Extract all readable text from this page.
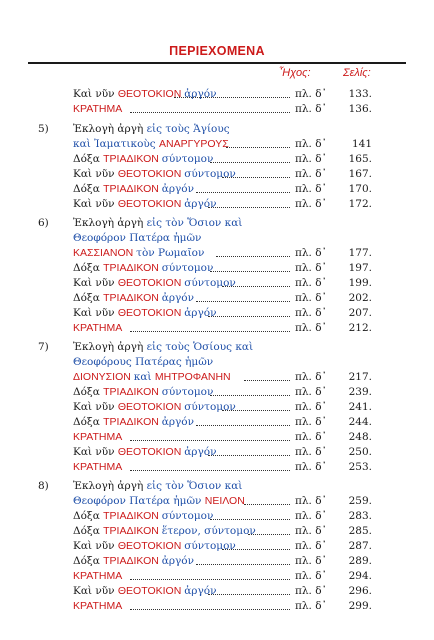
ΠΕΡΙΕΧΟΜΕΝΑ
Ἦχος:	Σελίς:
Καὶ νῦν ΘΕΟΤΟΚΙΟΝ ἀργόν	πλ. δ᾿ 133.
ΚΡΑΤΗΜΑ	πλ. δ᾿ 136.
5) Ἐκλογὴ ἀργὴ εἰς τοὺς Ἁγίους
καὶ Ἰαματικοὺς ΑΝΑΡΓΥΡΟΥΣ	πλ. δ᾿	141
Δόξα ΤΡΙΑΔΙΚΟΝ σύντομον	πλ. δ᾿ 165.
Καὶ νῦν ΘΕΟΤΟΚΙΟΝ σύντομον	πλ. δ᾿ 167.
Δόξα ΤΡΙΑΔΙΚΟΝ ἀργόν	πλ. δ᾿ 170.
Καὶ νῦν ΘΕΟΤΟΚΙΟΝ ἀργόν	πλ. δ᾿ 172.
6) Ἐκλογὴ ἀργὴ εἰς τὸν Ὅσιον καὶ
Θεοφόρον Πατέρα ἡμῶν
ΚΑΣΣΙΑΝΟΝ τὸν Ρωμαῖον	πλ. δ᾿ 177.
Δόξα ΤΡΙΑΔΙΚΟΝ σύντομον	πλ. δ᾿ 197.
Καὶ νῦν ΘΕΟΤΟΚΙΟΝ σύντομον	πλ. δ᾿ 199.
Δόξα ΤΡΙΑΔΙΚΟΝ ἀργόν	πλ. δ᾿ 202.
Καὶ νῦν ΘΕΟΤΟΚΙΟΝ ἀργόν	πλ. δ᾿ 207.
ΚΡΑΤΗΜΑ	πλ. δ᾿ 212.
7) Ἐκλογὴ ἀργὴ εἰς τοὺς Ὁσίους καὶ
Θεοφόρους Πατέρας ἡμῶν
ΔΙΟΝΥΣΙΟΝ καὶ ΜΗΤΡΟΦΑΝΗΝ	πλ. δ᾿ 217.
Δόξα ΤΡΙΑΔΙΚΟΝ σύντομον	πλ. δ᾿ 239.
Καὶ νῦν ΘΕΟΤΟΚΙΟΝ σύντομον	πλ. δ᾿ 241.
Δόξα ΤΡΙΑΔΙΚΟΝ ἀργόν	πλ. δ᾿ 244.
ΚΡΑΤΗΜΑ	πλ. δ᾿ 248.
Καὶ νῦν ΘΕΟΤΟΚΙΟΝ ἀργόν	πλ. δ᾿ 250.
ΚΡΑΤΗΜΑ	πλ. δ᾿ 253.
8) Ἐκλογὴ ἀργὴ εἰς τὸν Ὅσιον καὶ
Θεοφόρον Πατέρα ἡμῶν ΝΕΙΛΟΝ	πλ. δ᾿ 259.
Δόξα ΤΡΙΑΔΙΚΟΝ σύντομον	πλ. δ᾿ 283.
Δόξα ΤΡΙΑΔΙΚΟΝ ἕτερον, σύντομον	πλ. δ᾿ 285.
Καὶ νῦν ΘΕΟΤΟΚΙΟΝ σύντομον	πλ. δ᾿ 287.
Δόξα ΤΡΙΑΔΙΚΟΝ ἀργόν	πλ. δ᾿ 289.
ΚΡΑΤΗΜΑ	πλ. δ᾿ 294.
Καὶ νῦν ΘΕΟΤΟΚΙΟΝ ἀργόν	πλ. δ᾿ 296.
ΚΡΑΤΗΜΑ	πλ. δ᾿ 299.
